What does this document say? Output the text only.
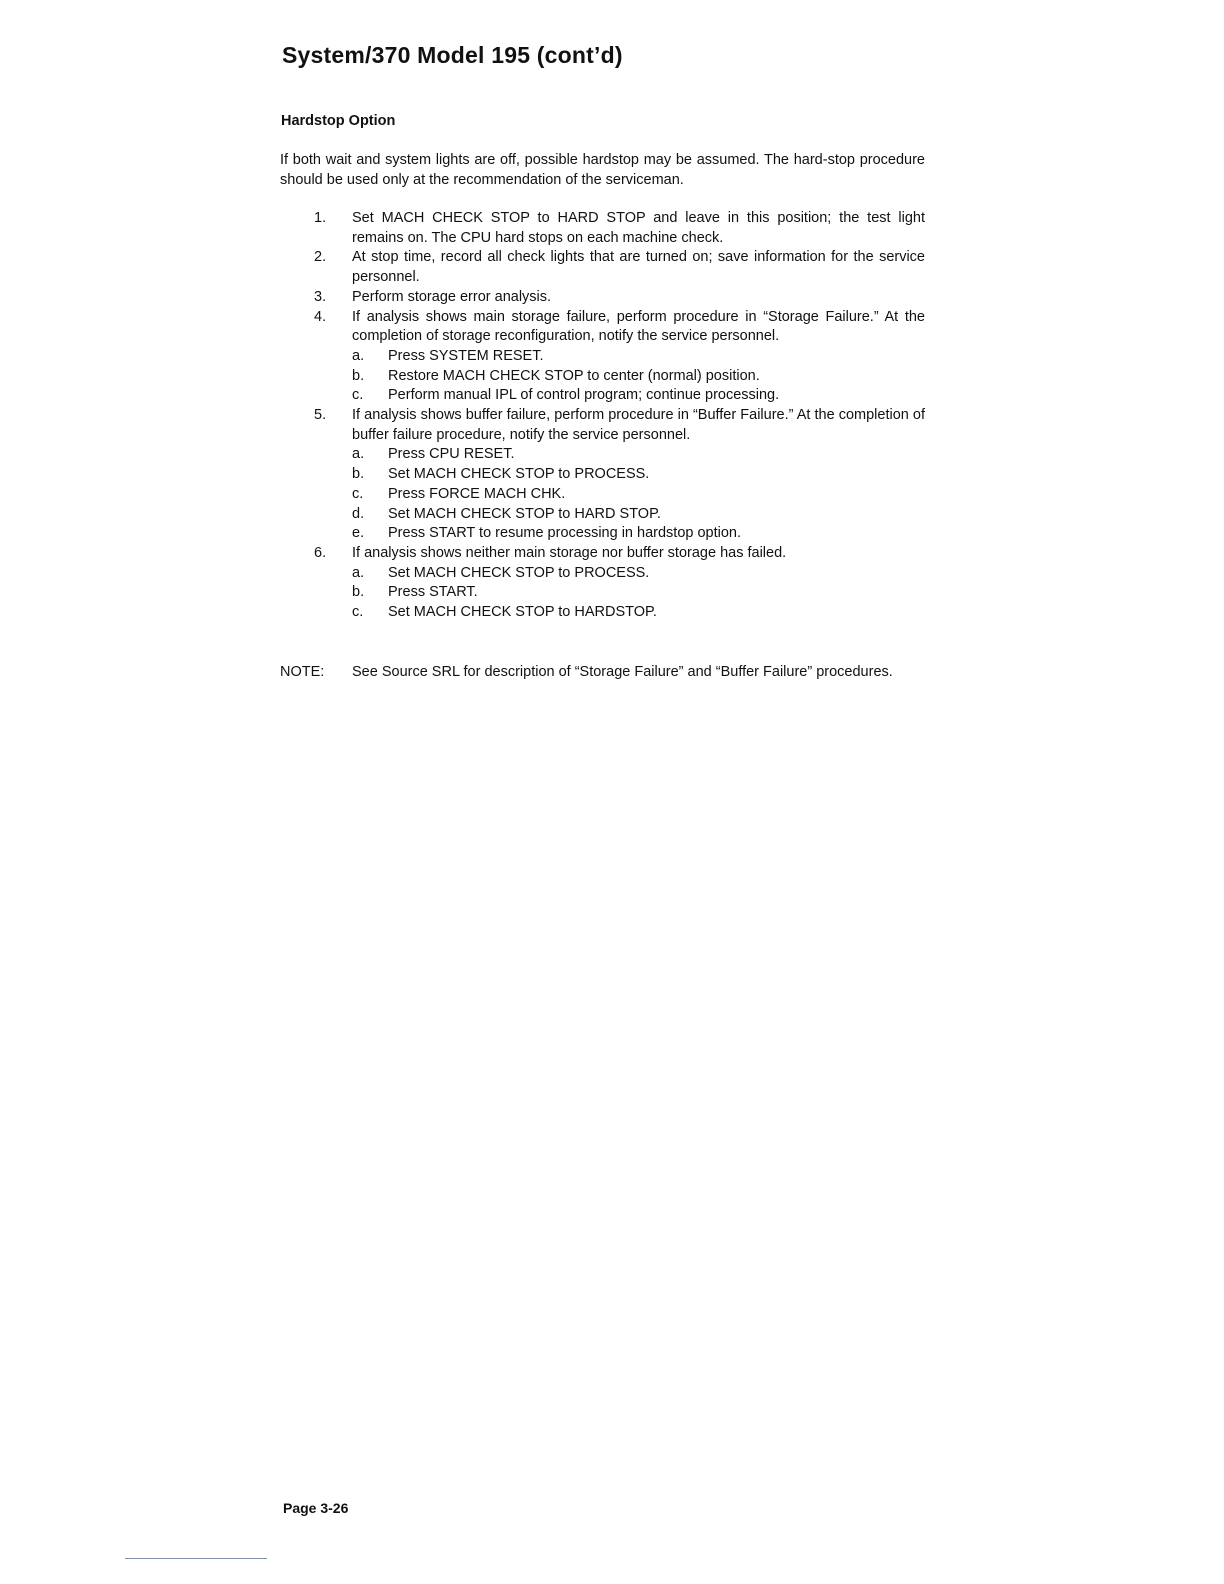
System/370 Model 195 (cont’d)
Hardstop Option
If both wait and system lights are off, possible hardstop may be assumed. The hard-stop procedure should be used only at the recommendation of the serviceman.
1.	Set MACH CHECK STOP to HARD STOP and leave in this position; the test light remains on. The CPU hard stops on each machine check.
2.	At stop time, record all check lights that are turned on; save information for the service personnel.
3.	Perform storage error analysis.
4.	If analysis shows main storage failure, perform procedure in “Storage Failure.” At the completion of storage reconfiguration, notify the service personnel.
a.	Press SYSTEM RESET.
b.	Restore MACH CHECK STOP to center (normal) position.
c.	Perform manual IPL of control program; continue processing.
5.	If analysis shows buffer failure, perform procedure in “Buffer Failure.” At the completion of buffer failure procedure, notify the service personnel.
a.	Press CPU RESET.
b.	Set MACH CHECK STOP to PROCESS.
c.	Press FORCE MACH CHK.
d.	Set MACH CHECK STOP to HARD STOP.
e.	Press START to resume processing in hardstop option.
6.	If analysis shows neither main storage nor buffer storage has failed.
a.	Set MACH CHECK STOP to PROCESS.
b.	Press START.
c.	Set MACH CHECK STOP to HARDSTOP.
NOTE:	See Source SRL for description of “Storage Failure” and “Buffer Failure” procedures.
Page 3-26
